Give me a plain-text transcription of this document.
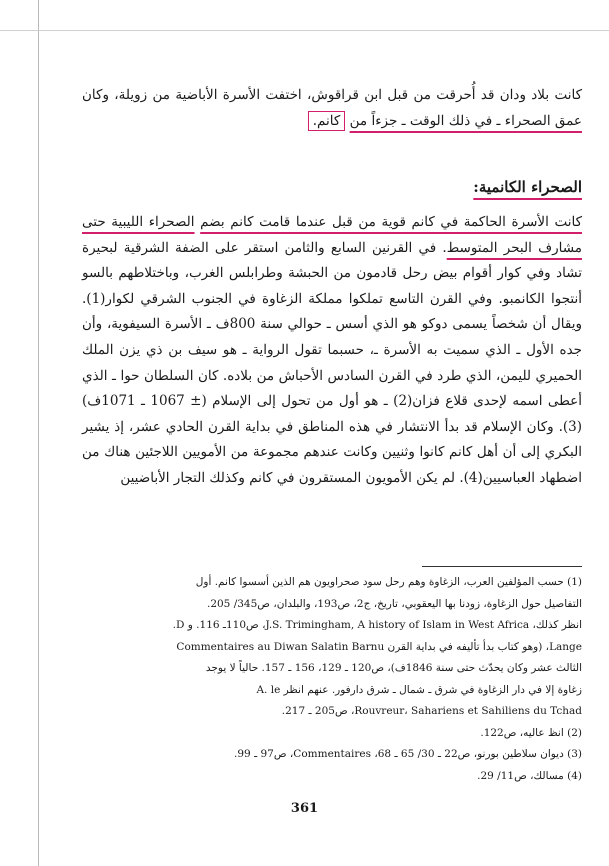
كانت بلاد ودان قد أُحرقت من قبل ابن قراقوش، اختفت الأسرة الأباضية من زويلة، وكان عمق الصحراء ـ في ذلك الوقت ـ جزءاً من كانم.

الصحراء الكانمية:

كانت الأسرة الحاكمة في كانم قوية من قبل عندما قامت كانم بضم الصحراء الليبية حتى مشارف البحر المتوسط. في القرنين السابع والثامن استقر على الضفة الشرقية لبحيرة تشاد وفي كوار أقوام بيض رحل قادمون من الحبشة وطرابلس الغرب، وباختلاطهم بالسو أنتجوا الكانمبو. وفي القرن التاسع تملكوا مملكة الزغاوة في الجنوب الشرقي لكوار(1). ويقال أن شخصاً يسمى دوكو هو الذي أسس ـ حوالي سنة 800ف ـ الأسرة السيفوية، وأن جده الأول ـ الذي سميت به الأسرة ـ، حسبما تقول الرواية ـ هو سيف بن ذي يزن الملك الحميري لليمن، الذي طرد في القرن السادس الأحباش من بلاده. كان السلطان حوا ـ الذي أعطى اسمه لإحدى قلاع فزان(2) ـ هو أول من تحول إلى الإسلام (± 1067 ـ 1071ف)(3). وكان الإسلام قد بدأ الانتشار في هذه المناطق في بداية القرن الحادي عشر، إذ يشير البكري إلى أن أهل كانم كانوا وثنيين وكانت عندهم مجموعة من الأمويين اللاجئين هناك من اضطهاد العباسيين(4). لم يكن الأمويون المستقرون في كانم وكذلك التجار الأباضيين

(1) حسب المؤلفين العرب، الزغاوة وهم رحل سود صحراويون هم الذين أسسوا كانم. أول

التفاصيل حول الزغاوة، زودنا بها اليعقوبي، تاريخ، ج2، ص193، والبلدان، ص345/ 205.

انظر كذلك، J.S. Trimingham, A history of Islam in West Africa، ص110ـ 116. و D.

Lange، (وهو كتاب بدأ تأليفه في بداية القرن Commentaires au Diwan Salatin Barnu

الثالث عشر وكان يحدّث حتى سنة 1846ف)، ص120 ـ 129، 156 ـ 157. حالياً لا يوجد

زغاوة إلا في دار الزغاوة في شرق ـ شمال ـ شرق دارفور. عنهم انظر A. le

Rouvreur، Sahariens et Sahiliens du Tchad، ص205 ـ 217.

(2) انظ عاليه، ص122.

(3) ديوان سلاطين بورنو، ص22 ـ 30/ 65 ـ 68، Commentaires، ص97 ـ 99.

(4) مسالك، ص11/ 29.

361
